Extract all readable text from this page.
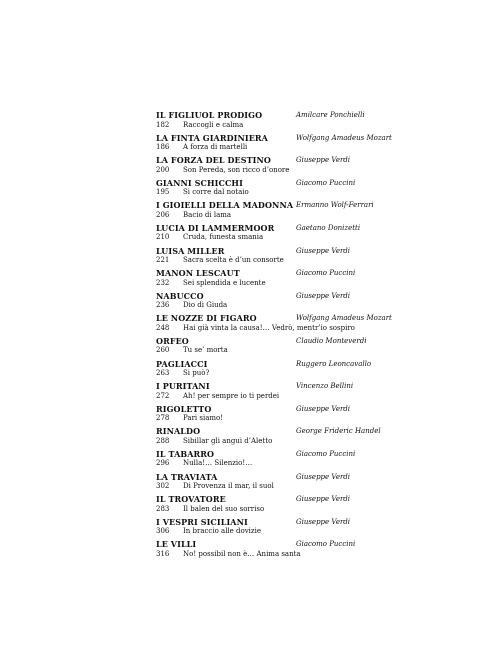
IL FIGLIUOL PRODIGO	Amilcare Ponchielli
182 Raccogli e calma
LA FINTA GIARDINIERA	Wolfgang Amadeus Mozart
186 A forza di martelli
LA FORZA DEL DESTINO	Giuseppe Verdi
200 Son Pereda, son ricco d’onore
GIANNI SCHICCHI	Giacomo Puccini
195 Si corre dal notaio
I GIOIELLI DELLA MADONNA Ermanno Wolf-Ferrari
206 Bacio di lama
LUCIA DI LAMMERMOOR	Gaetano Donizetti
210 Cruda, funesta smania
LUISA MILLER	Giuseppe Verdi
221 Sacra scelta è d’un consorte
MANON LESCAUT	Giacomo Puccini
232 Sei splendida e lucente
NABUCCO	Giuseppe Verdi
236 Dio di Giuda
LE NOZZE DI FIGARO	Wolfgang Amadeus Mozart
248 Hai già vinta la causa!… Vedrò, mentr’io sospiro
ORFEO	Claudio Monteverdi
260 Tu se’ morta
PAGLIACCI	Ruggero Leoncavallo
263 Si può?
I PURITANI	Vincenzo Bellini
272 Ah! per sempre io ti perdei
RIGOLETTO	Giuseppe Verdi
278 Pari siamo!
RINALDO	George Frideric Handel
288 Sibillar gli angui d’Aletto
IL TABARRO	Giacomo Puccini
296 Nulla!… Silenzio!…
LA TRAVIATA	Giuseppe Verdi
302 Di Provenza il mar, il suol
IL TROVATORE	Giuseppe Verdi
283 Il balen del suo sorriso
I VESPRI SICILIANI	Giuseppe Verdi
306 In braccio alle dovizie
LE VILLI	Giacomo Puccini
316 No! possibil non è… Anima santa
